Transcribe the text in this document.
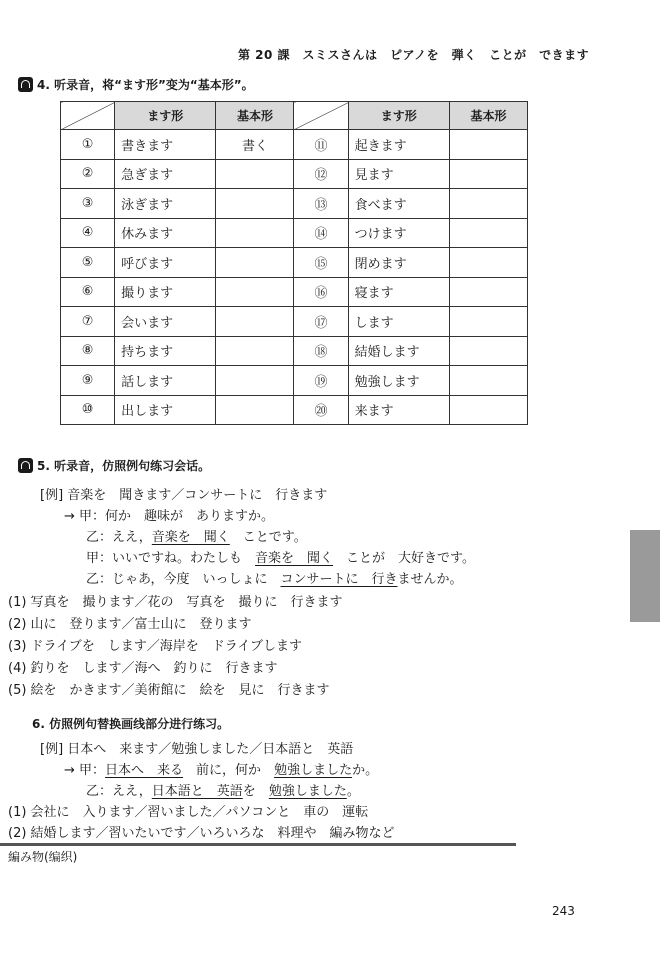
第 20 課　スミスさんは　ピアノを　弾く　ことが　できます
4. 听录音，将“ます形”变为“基本形”。
	ます形	基本形		ます形	基本形
①	書きます	書く	⑪	起きます	
②	急ぎます		⑫	見ます	
③	泳ぎます		⑬	食べます	
④	休みます		⑭	つけます	
⑤	呼びます		⑮	閉めます	
⑥	撮ります		⑯	寝ます	
⑦	会います		⑰	します	
⑧	持ちます		⑱	結婚します	
⑨	話します		⑲	勉強します	
⑩	出します		⑳	来ます	
5. 听录音，仿照例句练习会话。
[例] 音楽を　聞きます／コンサートに　行きます
→ 甲：何か　趣味が　ありますか。
乙：ええ，音楽を　聞く　ことです。
甲：いいですね。わたしも　音楽を　聞く　ことが　大好きです。
乙：じゃあ，今度　いっしょに　コンサートに　行きませんか。
(1) 写真を　撮ります／花の　写真を　撮りに　行きます
(2) 山に　登ります／富士山に　登ります
(3) ドライブを　します／海岸を　ドライブします
(4) 釣りを　します／海へ　釣りに　行きます
(5) 絵を　かきます／美術館に　絵を　見に　行きます
6. 仿照例句替换画线部分进行练习。
[例] 日本へ　来ます／勉強しました／日本語と　英語
→ 甲：日本へ　来る　前に，何か　勉強しましたか。
乙：ええ，日本語と　英語を　勉強しました。
(1) 会社に　入ります／習いました／パソコンと　車の　運転
編み物(编织)
243
(2) 結婚します／習いたいです／いろいろな　料理や　編み物など
